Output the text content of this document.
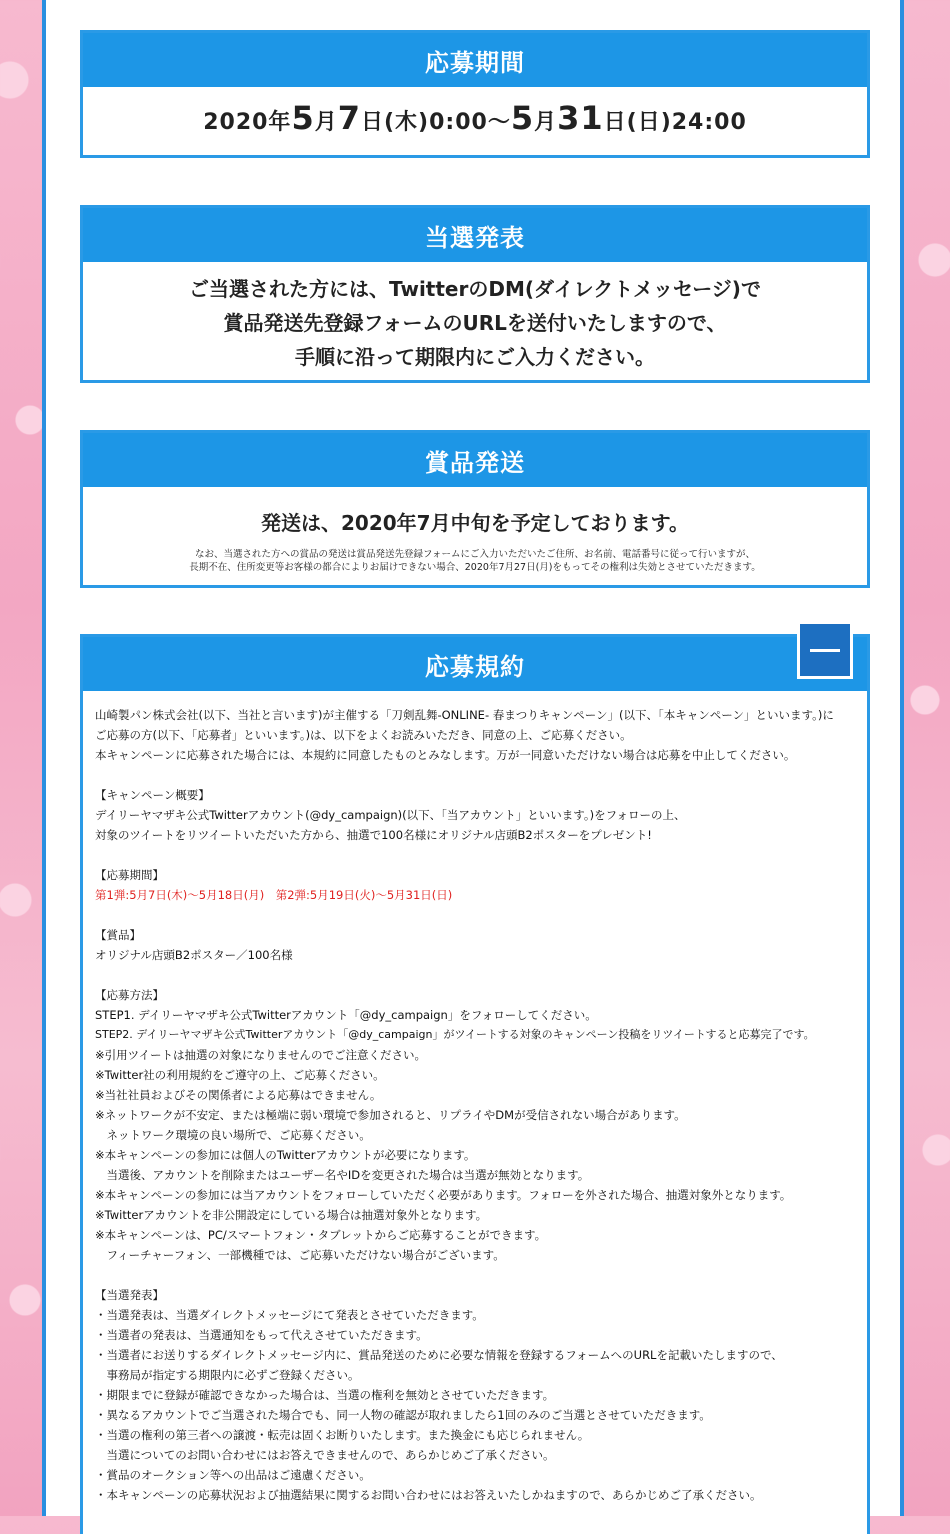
応募期間
2020年5月7日(木)0:00〜5月31日(日)24:00
当選発表
ご当選された方には、TwitterのDM(ダイレクトメッセージ)で
賞品発送先登録フォームのURLを送付いたしますので、
手順に沿って期限内にご入力ください。
賞品発送
発送は、2020年7月中旬を予定しております。
なお、当選された方への賞品の発送は賞品発送先登録フォームにご入力いただいたご住所、お名前、電話番号に従って行いますが、
長期不在、住所変更等お客様の都合によりお届けできない場合、2020年7月27日(月)をもってその権利は失効とさせていただきます。
応募規約
山崎製パン株式会社(以下、当社と言います)が主催する「刀剣乱舞-ONLINE- 春まつりキャンペーン」(以下、「本キャンペーン」といいます。)に
ご応募の方(以下、「応募者」といいます。)は、以下をよくお読みいただき、同意の上、ご応募ください。
本キャンペーンに応募された場合には、本規約に同意したものとみなします。万が一同意いただけない場合は応募を中止してください。
【キャンペーン概要】
デイリーヤマザキ公式Twitterアカウント(@dy_campaign)(以下、「当アカウント」といいます。)をフォローの上、
対象のツイートをリツイートいただいた方から、抽選で100名様にオリジナル店頭B2ポスターをプレゼント!
【応募期間】
第1弾:5月7日(木)〜5月18日(月)　第2弾:5月19日(火)〜5月31日(日)
【賞品】
オリジナル店頭B2ポスター／100名様
【応募方法】
STEP1. デイリーヤマザキ公式Twitterアカウント「@dy_campaign」をフォローしてください。
STEP2. デイリーヤマザキ公式Twitterアカウント「@dy_campaign」がツイートする対象のキャンペーン投稿をリツイートすると応募完了です。
※引用ツイートは抽選の対象になりませんのでご注意ください。
※Twitter社の利用規約をご遵守の上、ご応募ください。
※当社社員およびその関係者による応募はできません。
※ネットワークが不安定、または極端に弱い環境で参加されると、リプライやDMが受信されない場合があります。
　ネットワーク環境の良い場所で、ご応募ください。
※本キャンペーンの参加には個人のTwitterアカウントが必要になります。
　当選後、アカウントを削除またはユーザー名やIDを変更された場合は当選が無効となります。
※本キャンペーンの参加には当アカウントをフォローしていただく必要があります。フォローを外された場合、抽選対象外となります。
※Twitterアカウントを非公開設定にしている場合は抽選対象外となります。
※本キャンペーンは、PC/スマートフォン・タブレットからご応募することができます。
　フィーチャーフォン、一部機種では、ご応募いただけない場合がございます。
【当選発表】
・当選発表は、当選ダイレクトメッセージにて発表とさせていただきます。
・当選者の発表は、当選通知をもって代えさせていただきます。
・当選者にお送りするダイレクトメッセージ内に、賞品発送のために必要な情報を登録するフォームへのURLを記載いたしますので、
　事務局が指定する期限内に必ずご登録ください。
・期限までに登録が確認できなかった場合は、当選の権利を無効とさせていただきます。
・異なるアカウントでご当選された場合でも、同一人物の確認が取れましたら1回のみのご当選とさせていただきます。
・当選の権利の第三者への譲渡・転売は固くお断りいたします。また換金にも応じられません。
　当選についてのお問い合わせにはお答えできませんので、あらかじめご了承ください。
・賞品のオークション等への出品はご遠慮ください。
・本キャンペーンの応募状況および抽選結果に関するお問い合わせにはお答えいたしかねますので、あらかじめご了承ください。
